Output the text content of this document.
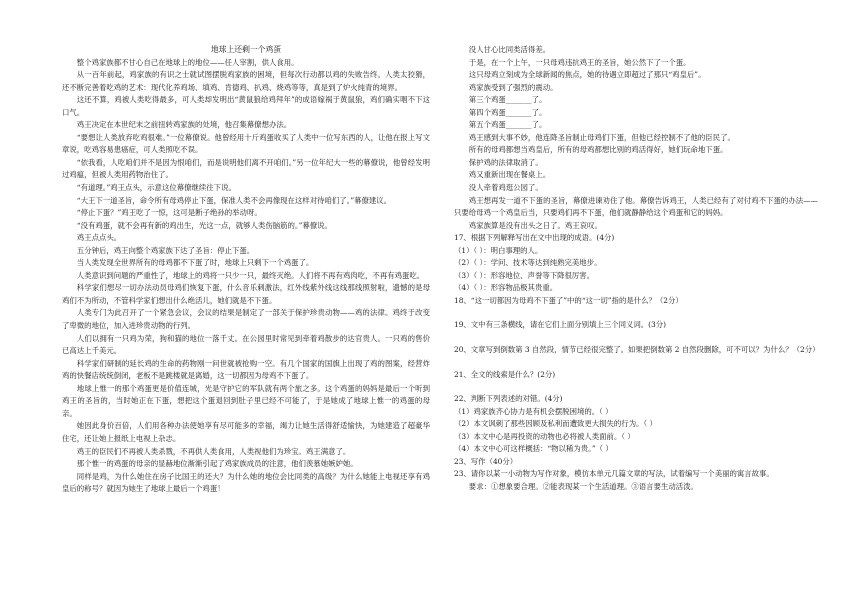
地球上还剩一个鸡蛋

整个鸡家族都不甘心自己在地球上的地位——任人宰割，供人食用。

从一百年前起，鸡家族的有识之士就试图摆脱鸡家族的困境，但每次行动都以鸡的失败告终。人类太狡猾，还不断完善着吃鸡的艺术：现代化养鸡场、填鸡、肯德鸡、扒鸡、烧鸡等等，真是到了炉火纯青的境界。

这还不算，鸡被人类吃得最多，可人类却发明出“黄鼠狼给鸡拜年”的成语嫁祸于黄鼠狼，鸡们确实咽不下这口气。

鸡王决定在本世纪末之前扭转鸡家族的处境，他召集幕僚想办法。

“要想让人类放弃吃鸡很难。”一位幕僚说。他曾经用十斤鸡蛋收买了人类中一位写东西的人，让他在报上写文章说，吃鸡容易患癌症，可人类照吃不误。

“依我看，人吃咱们并不是因为恨咱们，而是说明他们离不开咱们。”另一位年纪大一些的幕僚说，他曾经发明过鸡瘟，但被人类用药物治住了。

“有道理。”鸡王点头，示意这位幕僚继续往下说。

“大王下一道圣旨，命令所有母鸡停止下蛋，保准人类不会再像现在这样对待咱们了。”幕僚建议。

“停止下蛋？”鸡王吃了一惊，这可是断子绝孙的举动呀。

“没有鸡蛋，就不会再有新的鸡出生，光这一点，就够人类伤脑筋的。”幕僚说。

鸡王点点头。

五分钟后，鸡王向整个鸡家族下达了圣旨：停止下蛋。

当人类发现全世界所有的母鸡都不下蛋了时，地球上只剩下一个鸡蛋了。

人类意识到问题的严重性了，地球上的鸡将一只少一只，最终灭绝。人们将不再有鸡肉吃，不再有鸡蛋吃。

科学家们想尽一切办法动员母鸡们恢复下蛋，什么音乐刺激法，红外线紫外线这线那线照射啦，遗憾的是母鸡们不为所动，不管科学家们想出什么绝活儿，她们就是不下蛋。

人类专门为此召开了一个紧急会议，会议的结果是制定了一部关于保护珍贵动物——鸡的法律。鸡终于改变了卑微的地位，加入进珍贵动物的行列。

人们以拥有一只鸡为荣，狗和猫的地位一落千丈。在公园里时常见到牵着鸡散步的达官贵人。一只鸡的售价已高达上千美元。

科学家们研制的延长鸡的生命的药物刚一问世就被抢购一空。有几个国家的国旗上出现了鸡的图案，经营炸鸡的快餐店统统倒闭，老板不是跳楼就是离婚，这一切都因为母鸡不下蛋了。

地球上惟一的那个鸡蛋更是价值连城，光是守护它的军队就有两个旅之多。这个鸡蛋的妈妈是最后一个听到鸡王的圣旨的，当时她正在下蛋，想把这个蛋退回到肚子里已经不可能了，于是她成了地球上惟一的鸡蛋的母亲。

她因此身价百倍，人们用各种办法使她享有尽可能多的幸福，竭力让她生活得舒适愉快，为她建造了超豪华住宅，还让她上报纸上电视上杂志。

鸡王的臣民们不再被人类杀戮，不再供人类食用，人类视他们为珍宝。鸡王满意了。

那个惟一的鸡蛋的母亲的显赫地位渐渐引起了鸡家族成员的注意，他们羡慕她嫉妒她。

同样是鸡，为什么她住在房子比国王的还大？为什么她的地位会比同类的高级？为什么她能上电视还享有鸡皇后的称号？就因为她生了地球上最后一个鸡蛋！

没人甘心比同类活得差。

于是，在一个上午，一只母鸡违抗鸡王的圣旨，她公然下了一个蛋。

这只母鸡立刻成为全球新闻的焦点，她的待遇立即超过了那只“鸡皇后”。

鸡家族受到了强烈的震动。

第三个鸡蛋_______了。

第四个鸡蛋_______了。

第五个鸡蛋_______了。

鸡王感到大事不妙，他连降圣旨制止母鸡们下蛋，但他已经控制不了他的臣民了。

所有的母鸡都想当鸡皇后，所有的母鸡都想比别的鸡活得好，她们玩命地下蛋。

保护鸡的法律取消了。

鸡又重新出现在餐桌上。

没人牵着鸡逛公园了。

鸡王想再发一道不下蛋的圣旨，幕僚进谏劝住了他。幕僚告诉鸡王，人类已经有了对付鸡不下蛋的办法——只要给母鸡一个鸡皇后当，只要鸡们再不下蛋，他们就静静给这个鸡蛋和它的妈妈。

鸡家族算是没有出头之日了。鸡王哀叹。

17、根据下列解释写出在文中出现的成语。(4分)

（1）（ ）：明白事理的人。

（2）（ ）：学问、技术等达到纯熟完美地步。

（3）（ ）：形容地位、声誉等下降很厉害。

（4）（ ）：形容物品极其贵重。

18、“这一切都因为母鸡不下蛋了”中的“这一切”指的是什么？（2分）

19、文中有三条横线，请在它们上面分别填上三个同义词。(3分)

20、文章写到倒数第 3 自然段，情节已经很完整了。如果把倒数第 2 自然段删除，可不可以？为什么？（2分）

21、全文的线索是什么？(2分)

22、判断下列表述的对错。(4分)

（1）鸡家族齐心协力是有机会摆脱困境的。（ ）

（2）本文讽刺了那些因顾及私利而遭致更大损失的行为。（ ）

（3）本文中心是再投资的动物也必将被人类面前。（ ）

（4）本文中心可这样概括：“物以稀为贵。”（ ）

23、写作（40分）

23、请你以某一小动物为写作对象，模仿本单元几篇文章的写法，试着编写一个美丽的寓言故事。

要求：①想象要合理。②能表现某一个生活道理。③语言要生动活泼。
